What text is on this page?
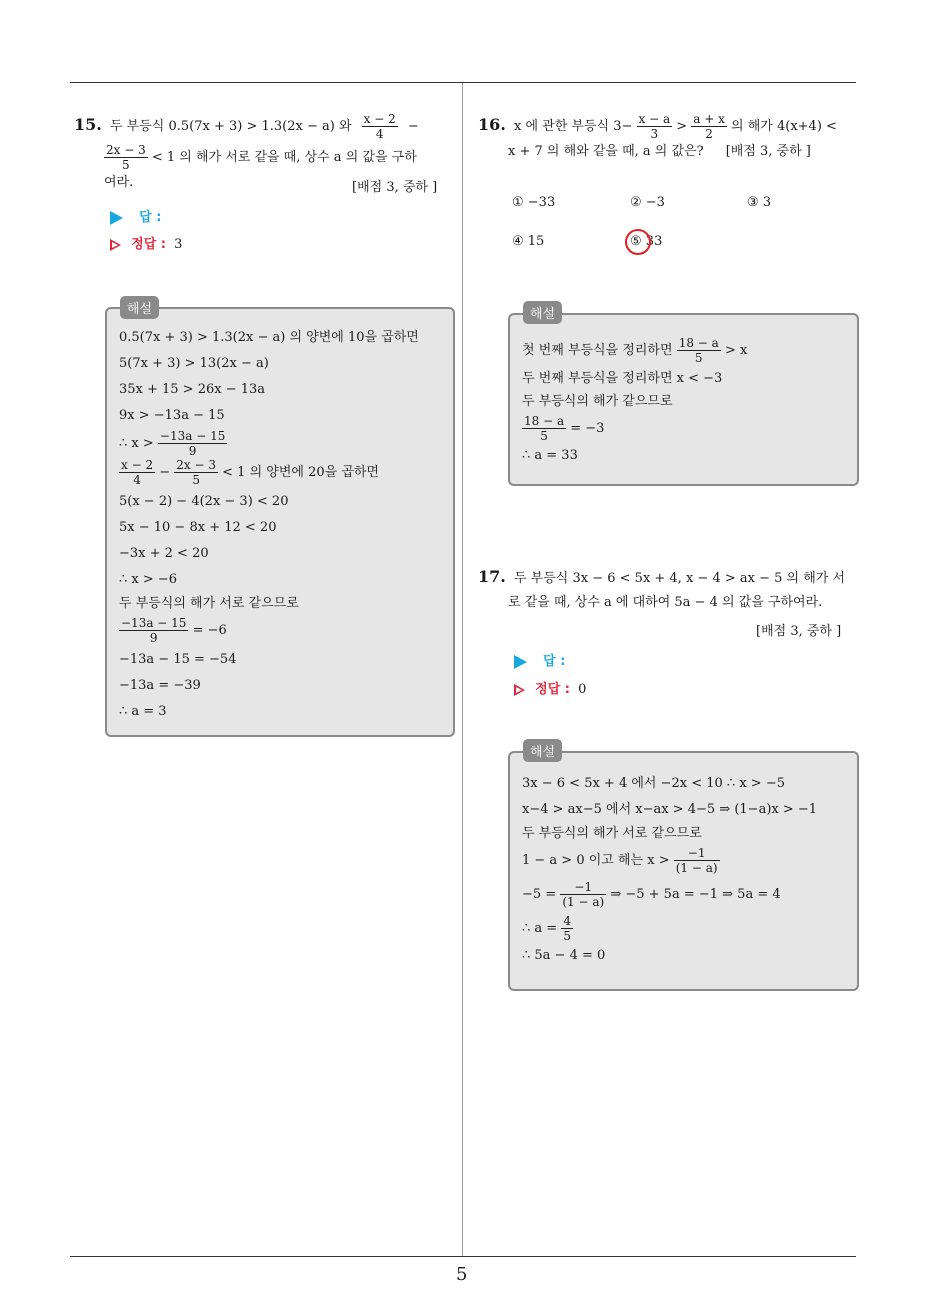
5
15. 두 부등식 0.5(7x + 3) > 1.3(2x − a) 와 $\frac{x - 2}{4}$ −
$\frac{2x - 3}{5} < 1$ 의 해가 서로 같을 때, 상수 a 의 값을 구하
여라.	[배점 3, 중하 ]
답 :
정답 : 3
0.5(7x + 3) > 1.3(2x − a) 의 양변에 10을 곱하면
5(7x + 3) > 13(2x − a)
35x + 15 > 26x − 13a
9x > −13a − 15
∴ $x > \frac{-13a - 15}{9}$
$\frac{x - 2}{4} - \frac{2x - 3}{5} < 1$ 의 양변에 20을 곱하면
5(x − 2) − 4(2x − 3) < 20
5x − 10 − 8x + 12 < 20
−3x + 2 < 20
∴ x > −6
두 부등식의 해가 서로 같으므로
$\frac{-13a - 15}{9} = -6$
−13a − 15 = −54
−13a = −39
∴ a = 3
해설
16. x 에 관한 부등식 $3- \frac{x - a}{3} > \frac{a + x}{2}$ 의 해가 4(x+4) <
x + 7 의 해와 같을 때, a 의 값은? [배점 3, 중하 ]
① −33	② −3	③ 3
④ 15	⑤ 33
첫 번째 부등식을 정리하면 $\frac{18 - a}{5} > x$
두 번째 부등식을 정리하면 x < −3
두 부등식의 해가 같으므로
$\frac{18 - a}{5} = -3$
∴ a = 33
해설
17. 두 부등식 3x − 6 < 5x + 4, x − 4 > ax − 5 의 해가 서
로 같을 때, 상수 a 에 대하여 5a − 4 의 값을 구하여라.
[배점 3, 중하 ]
답 :
정답 : 0
3x − 6 < 5x + 4 에서 −2x < 10 ∴ x > −5
x−4 > ax−5 에서 x−ax > 4−5 ⇒ (1−a)x > −1
두 부등식의 해가 서로 같으므로
1 − a > 0 이고 해는 $x > \frac{-1}{(1 - a)}$
$-5 = \frac{-1}{(1 - a)}$ ⇒ −5 + 5a = −1 ⇒ 5a = 4
∴ $a = \frac{4}{5}$
∴ 5a − 4 = 0
해설
